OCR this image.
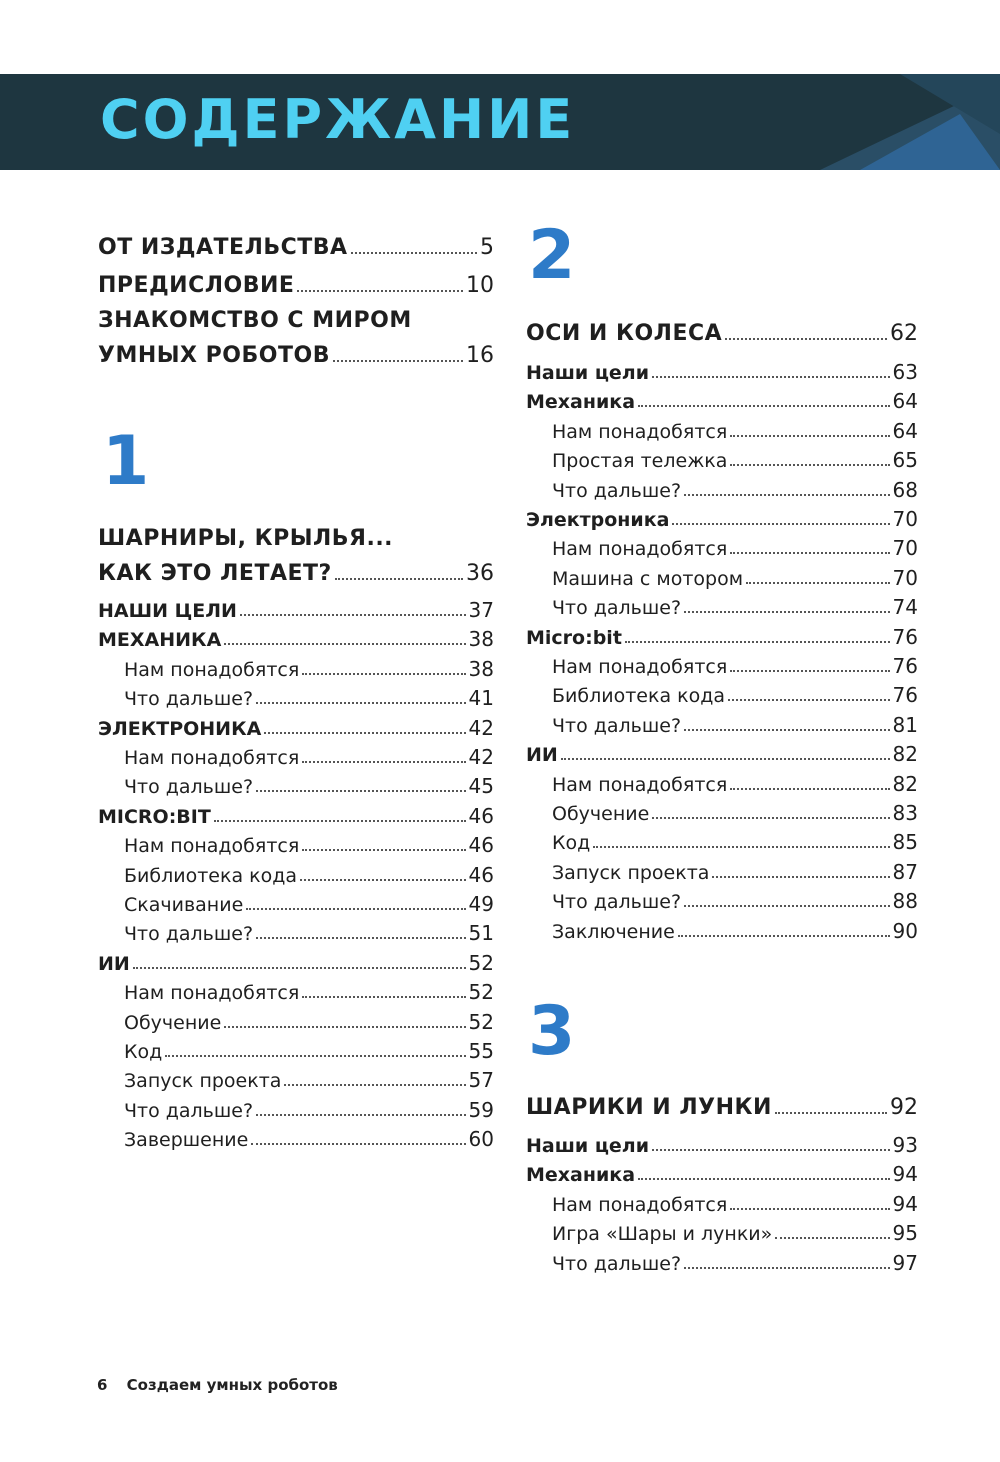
СОДЕРЖАНИЕ
ОТ ИЗДАТЕЛЬСТВА	5
ПРЕДИСЛОВИЕ	10
ЗНАКОМСТВО С МИРОМ
УМНЫХ РОБОТОВ	16
1
ШАРНИРЫ, КРЫЛЬЯ...
КАК ЭТО ЛЕТАЕТ?	36
НАШИ ЦЕЛИ	37
МЕХАНИКА	38
Нам понадобятся	38
Что дальше?	41
ЭЛЕКТРОНИКА	42
Нам понадобятся	42
Что дальше?	45
MICRO:BIT	46
Нам понадобятся	46
Библиотека кода	46
Скачивание	49
Что дальше?	51
ИИ	52
Нам понадобятся	52
Обучение	52
Код	55
Запуск проекта	57
Что дальше?	59
Завершение	60
2
ОСИ И КОЛЕСА	62
Наши цели	63
Механика	64
Нам понадобятся	64
Простая тележка	65
Что дальше?	68
Электроника	70
Нам понадобятся	70
Машина с мотором	70
Что дальше?	74
Micro:bit	76
Нам понадобятся	76
Библиотека кода	76
Что дальше?	81
ИИ	82
Нам понадобятся	82
Обучение	83
Код	85
Запуск проекта	87
Что дальше?	88
Заключение	90
3
ШАРИКИ И ЛУНКИ	92
Наши цели	93
Механика	94
Нам понадобятся	94
Игра «Шары и лунки»	95
Что дальше?	97
6 Создаем умных роботов
